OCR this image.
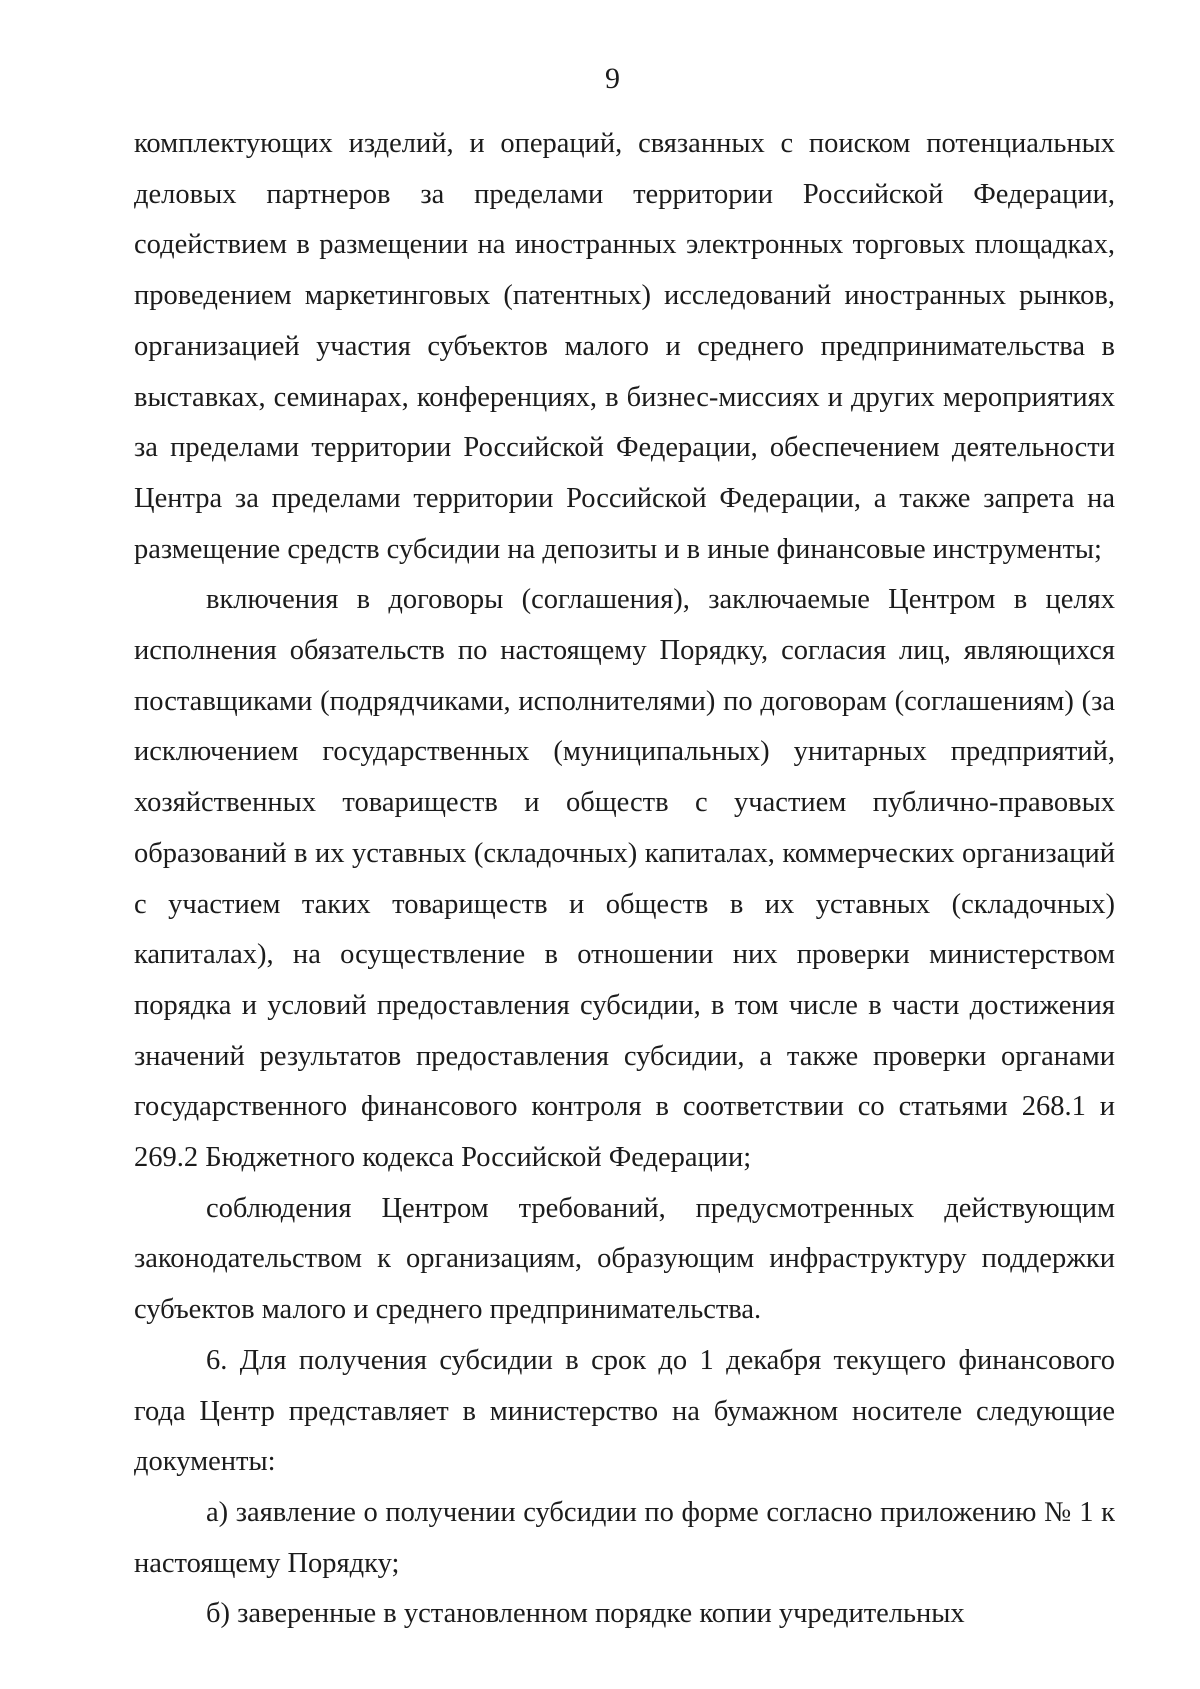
9

комплектующих изделий, и операций, связанных с поиском потенциальных деловых партнеров за пределами территории Российской Федерации, содействием в размещении на иностранных электронных торговых площадках, проведением маркетинговых (патентных) исследований иностранных рынков, организацией участия субъектов малого и среднего предпринимательства в выставках, семинарах, конференциях, в бизнес-миссиях и других мероприятиях за пределами территории Российской Федерации, обеспечением деятельности Центра за пределами территории Российской Федерации, а также запрета на размещение средств субсидии на депозиты и в иные финансовые инструменты;

включения в договоры (соглашения), заключаемые Центром в целях исполнения обязательств по настоящему Порядку, согласия лиц, являющихся поставщиками (подрядчиками, исполнителями) по договорам (соглашениям) (за исключением государственных (муниципальных) унитарных предприятий, хозяйственных товариществ и обществ с участием публично-правовых образований в их уставных (складочных) капиталах, коммерческих организаций с участием таких товариществ и обществ в их уставных (складочных) капиталах), на осуществление в отношении них проверки министерством порядка и условий предоставления субсидии, в том числе в части достижения значений результатов предоставления субсидии, а также проверки органами государственного финансового контроля в соответствии со статьями 268.1 и 269.2 Бюджетного кодекса Российской Федерации;

соблюдения Центром требований, предусмотренных действующим законодательством к организациям, образующим инфраструктуру поддержки субъектов малого и среднего предпринимательства.

6. Для получения субсидии в срок до 1 декабря текущего финансового года Центр представляет в министерство на бумажном носителе следующие документы:

а) заявление о получении субсидии по форме согласно приложению № 1 к настоящему Порядку;

б) заверенные в установленном порядке копии учредительных
